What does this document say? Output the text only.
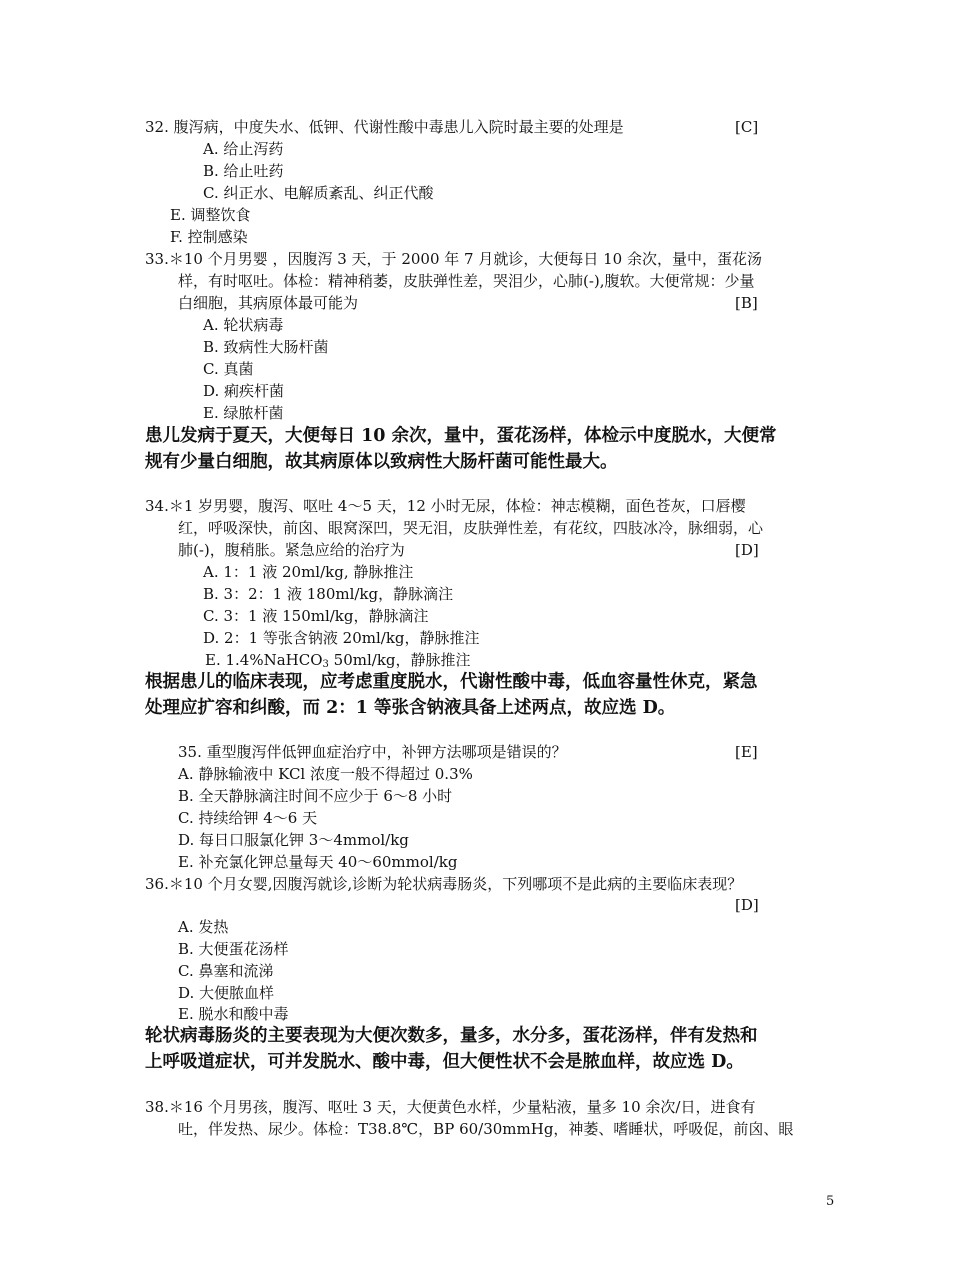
32. 腹泻病，中度失水、低钾、代谢性酸中毒患儿入院时最主要的处理是	[C]
A. 给止泻药
B. 给止吐药
C. 纠正水、电解质紊乱、纠正代酸
E. 调整饮食
F. 控制感染
33.＊10 个月男婴 ，因腹泻 3 天，于 2000 年 7 月就诊，大便每日 10 余次，量中，蛋花汤
样，有时呕吐。体检：精神稍萎，皮肤弹性差，哭泪少，心肺(-),腹软。大便常规：少量
白细胞，其病原体最可能为	[B]
A. 轮状病毒
B. 致病性大肠杆菌
C. 真菌
D. 痢疾杆菌
E. 绿脓杆菌
患儿发病于夏天，大便每日 10 余次，量中，蛋花汤样，体检示中度脱水，大便常
规有少量白细胞，故其病原体以致病性大肠杆菌可能性最大。
34.＊1 岁男婴，腹泻、呕吐 4～5 天，12 小时无尿，体检：神志模糊，面色苍灰，口唇樱
红，呼吸深快，前囟、眼窝深凹，哭无泪，皮肤弹性差，有花纹，四肢冰冷，脉细弱，心
肺(-)，腹稍胀。紧急应给的治疗为	[D]
A. 1：1 液 20ml/kg, 静脉推注
B. 3：2：1 液 180ml/kg，静脉滴注
C. 3：1 液 150ml/kg，静脉滴注
D. 2：1 等张含钠液 20ml/kg，静脉推注
E. 1.4%NaHCO$_3$ 50ml/kg，静脉推注
根据患儿的临床表现，应考虑重度脱水，代谢性酸中毒，低血容量性休克，紧急
处理应扩容和纠酸，而 2：1 等张含钠液具备上述两点，故应选 D。
35. 重型腹泻伴低钾血症治疗中，补钾方法哪项是错误的？	[E]
A. 静脉输液中 KCl 浓度一般不得超过 0.3%
B. 全天静脉滴注时间不应少于 6～8 小时
C. 持续给钾 4～6 天
D. 每日口服氯化钾 3～4mmol/kg
E. 补充氯化钾总量每天 40～60mmol/kg
36.＊10 个月女婴,因腹泻就诊,诊断为轮状病毒肠炎，下列哪项不是此病的主要临床表现？
[D]
A. 发热
B. 大便蛋花汤样
C. 鼻塞和流涕
D. 大便脓血样
E. 脱水和酸中毒
轮状病毒肠炎的主要表现为大便次数多，量多，水分多，蛋花汤样，伴有发热和
上呼吸道症状，可并发脱水、酸中毒，但大便性状不会是脓血样，故应选 D。
38.＊16 个月男孩，腹泻、呕吐 3 天，大便黄色水样，少量粘液，量多 10 余次/日，进食有
吐，伴发热、尿少。体检：T38.8℃，BP 60/30mmHg，神萎、嗜睡状，呼吸促，前囟、眼
5
